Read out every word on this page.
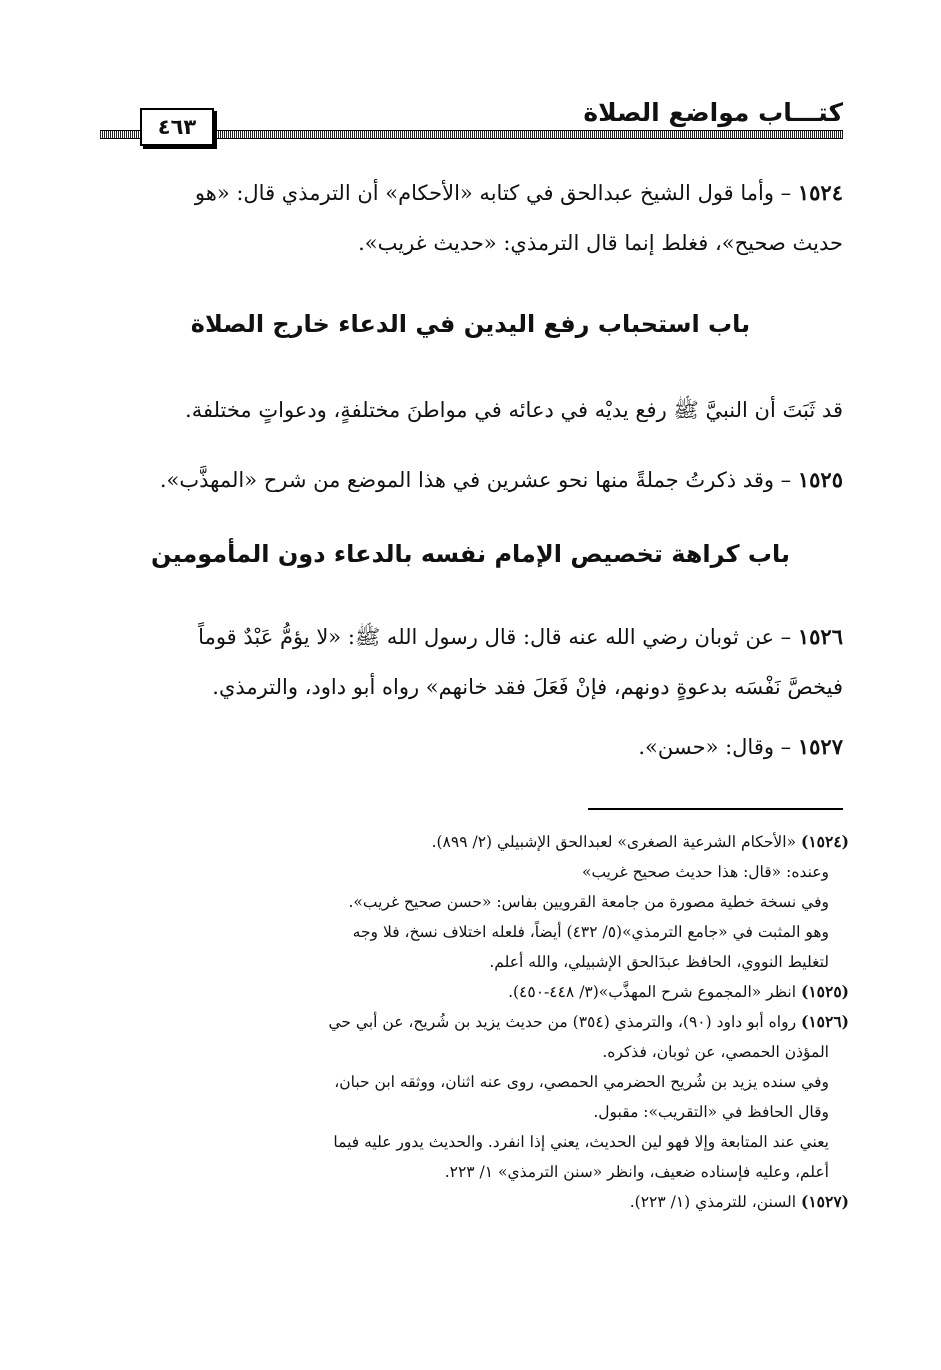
كتـــاب مواضع الصلاة
٤٦٣
١٥٢٤ – وأما قول الشيخ عبدالحق في كتابه «الأحكام» أن الترمذي قال: «هو
حديث صحيح»، فغلط إنما قال الترمذي: «حديث غريب».
باب استحباب رفع اليدين في الدعاء خارج الصلاة
قد ثَبَتَ أن النبيَّ ﷺ رفع يديْه في دعائه في مواطنَ مختلفةٍ، ودعواتٍ مختلفة.
١٥٢٥ – وقد ذكرتُ جملةً منها نحو عشرين في هذا الموضع من شرح «المهذَّب».
باب كراهة تخصيص الإمام نفسه بالدعاء دون المأمومين
١٥٢٦ – عن ثوبان رضي الله عنه قال: قال رسول الله ﷺ: «لا يؤمُّ عَبْدٌ قوماً
فيخصَّ نَفْسَه بدعوةٍ دونهم، فإنْ فَعَلَ فقد خانهم» رواه أبو داود، والترمذي.
١٥٢٧ – وقال: «حسن».
(١٥٢٤) «الأحكام الشرعية الصغرى» لعبدالحق الإشبيلي (٢/ ٨٩٩).
وعنده: «قال: هذا حديث صحيح غريب»
وفي نسخة خطية مصورة من جامعة القرويين بفاس: «حسن صحيح غريب».
وهو المثبت في «جامع الترمذي»(٥/ ٤٣٢) أيضاً، فلعله اختلاف نسخ، فلا وجه
لتغليط النووي، الحافظ عبدَالحق الإشبيلي، والله أعلم.
(١٥٢٥) انظر «المجموع شرح المهذَّب»(٣/ ٤٤٨-٤٥٠).
(١٥٢٦) رواه أبو داود (٩٠)، والترمذي (٣٥٤) من حديث يزيد بن شُريح، عن أبي حي
المؤذن الحمصي، عن ثوبان، فذكره.
وفي سنده يزيد بن شُريح الحضرمي الحمصي، روى عنه اثنان، ووثقه ابن حبان،
وقال الحافظ في «التقريب»: مقبول.
يعني عند المتابعة وإلا فهو لين الحديث، يعني إذا انفرد. والحديث يدور عليه فيما
أعلم، وعليه فإسناده ضعيف، وانظر «سنن الترمذي» ١/ ٢٢٣.
(١٥٢٧) السنن، للترمذي (١/ ٢٢٣).
